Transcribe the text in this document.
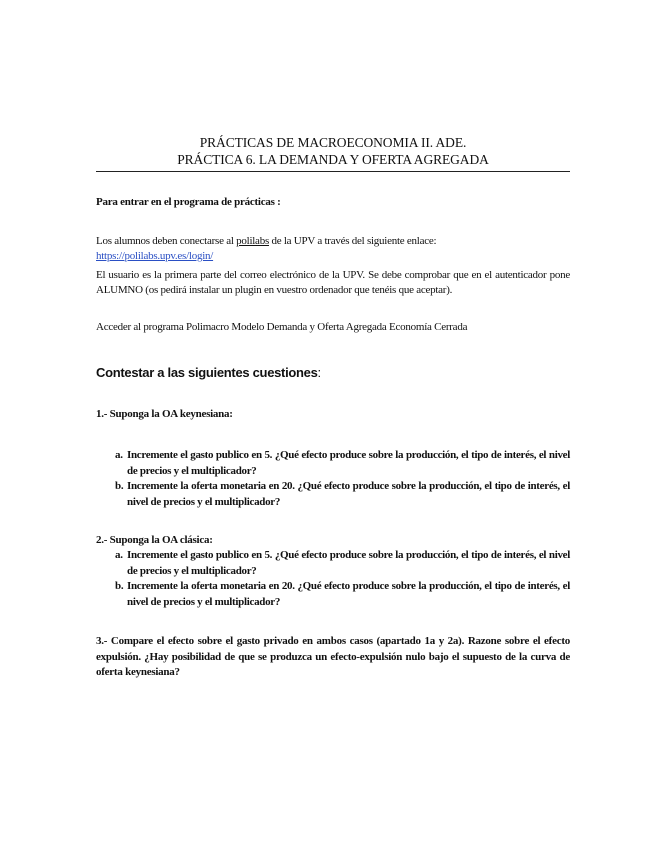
PRÁCTICAS DE MACROECONOMIA II. ADE.
PRÁCTICA 6. LA DEMANDA Y OFERTA AGREGADA
Para entrar en el programa de prácticas :
Los alumnos deben conectarse al polilabs de la UPV a través del siguiente enlace:
https://polilabs.upv.es/login/
El usuario es la primera parte del correo electrónico de la UPV. Se debe comprobar que en el autenticador pone ALUMNO (os pedirá instalar un plugin en vuestro ordenador que tenéis que aceptar).
Acceder al programa Polimacro Modelo Demanda y Oferta Agregada Economía Cerrada
Contestar a las siguientes cuestiones:
1.- Suponga la OA keynesiana:
a. Incremente el gasto publico en 5. ¿Qué efecto produce sobre la producción, el tipo de interés, el nivel de precios y el multiplicador?
b. Incremente la oferta monetaria en 20. ¿Qué efecto produce sobre la producción, el tipo de interés, el nivel de precios y el multiplicador?
2.- Suponga la OA clásica:
a. Incremente el gasto publico en 5. ¿Qué efecto produce sobre la producción, el tipo de interés, el nivel de precios y el multiplicador?
b. Incremente la oferta monetaria en 20. ¿Qué efecto produce sobre la producción, el tipo de interés, el nivel de precios y el multiplicador?
3.- Compare el efecto sobre el gasto privado en ambos casos (apartado 1a y 2a). Razone sobre el efecto expulsión. ¿Hay posibilidad de que se produzca un efecto-expulsión nulo bajo el supuesto de la curva de oferta keynesiana?
